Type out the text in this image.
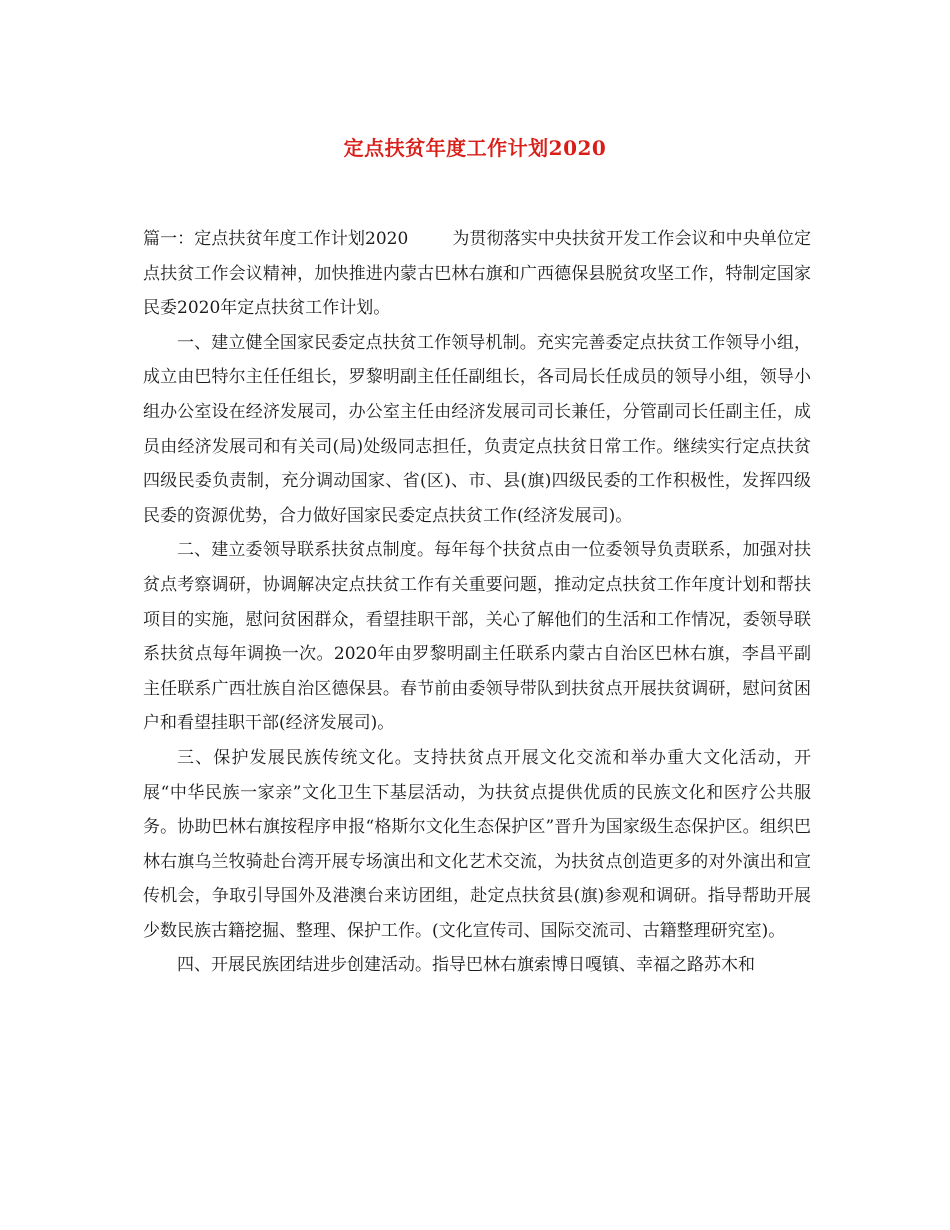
定点扶贫年度工作计划2020

篇一：定点扶贫年度工作计划2020	为贯彻落实中央扶贫开发工作会议和中央单位定点扶贫工作会议精神，加快推进内蒙古巴林右旗和广西德保县脱贫攻坚工作，特制定国家民委2020年定点扶贫工作计划。

一、建立健全国家民委定点扶贫工作领导机制。充实完善委定点扶贫工作领导小组，成立由巴特尔主任任组长，罗黎明副主任任副组长，各司局长任成员的领导小组，领导小组办公室设在经济发展司，办公室主任由经济发展司司长兼任，分管副司长任副主任，成员由经济发展司和有关司(局)处级同志担任，负责定点扶贫日常工作。继续实行定点扶贫四级民委负责制，充分调动国家、省(区)、市、县(旗)四级民委的工作积极性，发挥四级民委的资源优势，合力做好国家民委定点扶贫工作(经济发展司)。

二、建立委领导联系扶贫点制度。每年每个扶贫点由一位委领导负责联系，加强对扶贫点考察调研，协调解决定点扶贫工作有关重要问题，推动定点扶贫工作年度计划和帮扶项目的实施，慰问贫困群众，看望挂职干部，关心了解他们的生活和工作情况，委领导联系扶贫点每年调换一次。2020年由罗黎明副主任联系内蒙古自治区巴林右旗，李昌平副主任联系广西壮族自治区德保县。春节前由委领导带队到扶贫点开展扶贫调研，慰问贫困户和看望挂职干部(经济发展司)。

三、保护发展民族传统文化。支持扶贫点开展文化交流和举办重大文化活动，开展“中华民族一家亲”文化卫生下基层活动，为扶贫点提供优质的民族文化和医疗公共服务。协助巴林右旗按程序申报“格斯尔文化生态保护区”晋升为国家级生态保护区。组织巴林右旗乌兰牧骑赴台湾开展专场演出和文化艺术交流，为扶贫点创造更多的对外演出和宣传机会，争取引导国外及港澳台来访团组，赴定点扶贫县(旗)参观和调研。指导帮助开展少数民族古籍挖掘、整理、保护工作。(文化宣传司、国际交流司、古籍整理研究室)。

四、开展民族团结进步创建活动。指导巴林右旗索博日嘎镇、幸福之路苏木和
